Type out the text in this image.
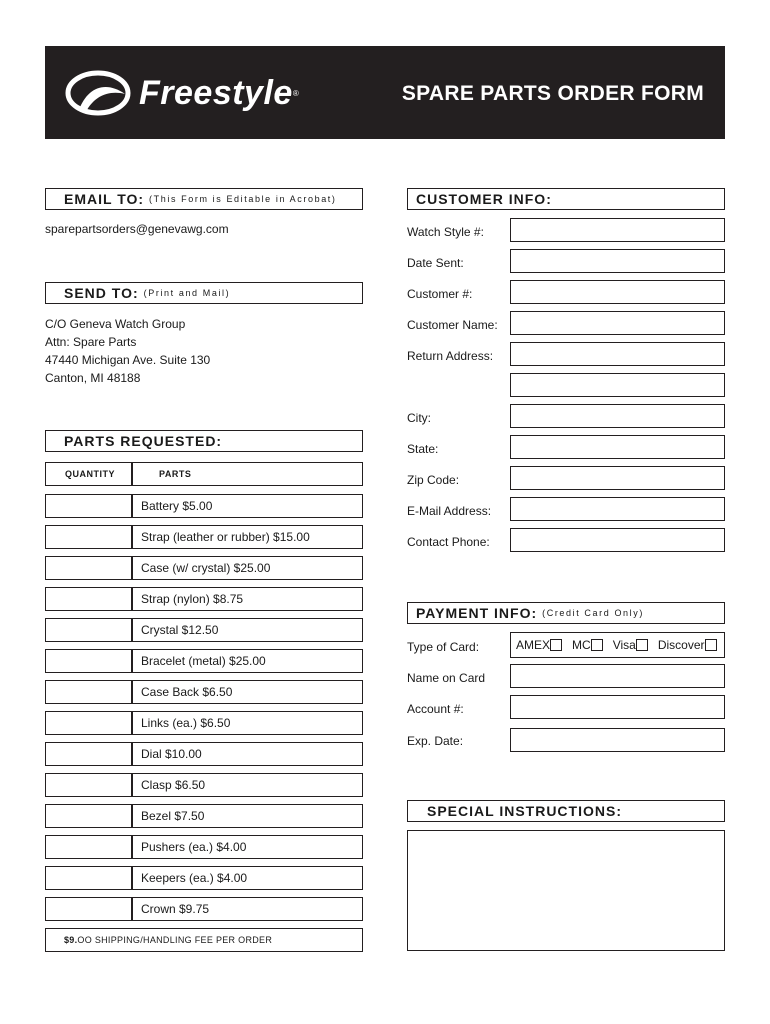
Freestyle ®	SPARE PARTS ORDER FORM
EMAIL TO: (This Form is Editable in Acrobat)
sparepartsorders@genevawg.com
SEND TO: (Print and Mail)
C/O Geneva Watch Group
Attn: Spare Parts
47440 Michigan Ave. Suite 130
Canton, MI 48188
PARTS REQUESTED:
QUANTITY	PARTS
Battery $5.00
Strap (leather or rubber) $15.00
Case (w/ crystal) $25.00
Strap (nylon) $8.75
Crystal $12.50
Bracelet (metal) $25.00
Case Back $6.50
Links (ea.) $6.50
Dial $10.00
Clasp $6.50
Bezel $7.50
Pushers (ea.) $4.00
Keepers (ea.) $4.00
Crown $9.75
$9. OO SHIPPING/HANDLING FEE PER ORDER
CUSTOMER INFO:
Watch Style #:
Date Sent:
Customer #:
Customer Name:
Return Address:
City:
State:
Zip Code:
E-Mail Address:
Contact Phone:
PAYMENT INFO: (Credit Card Only)
Type of Card:	AMEX MC Visa Discover
Name on Card
Account #:
Exp. Date:
SPECIAL INSTRUCTIONS:
